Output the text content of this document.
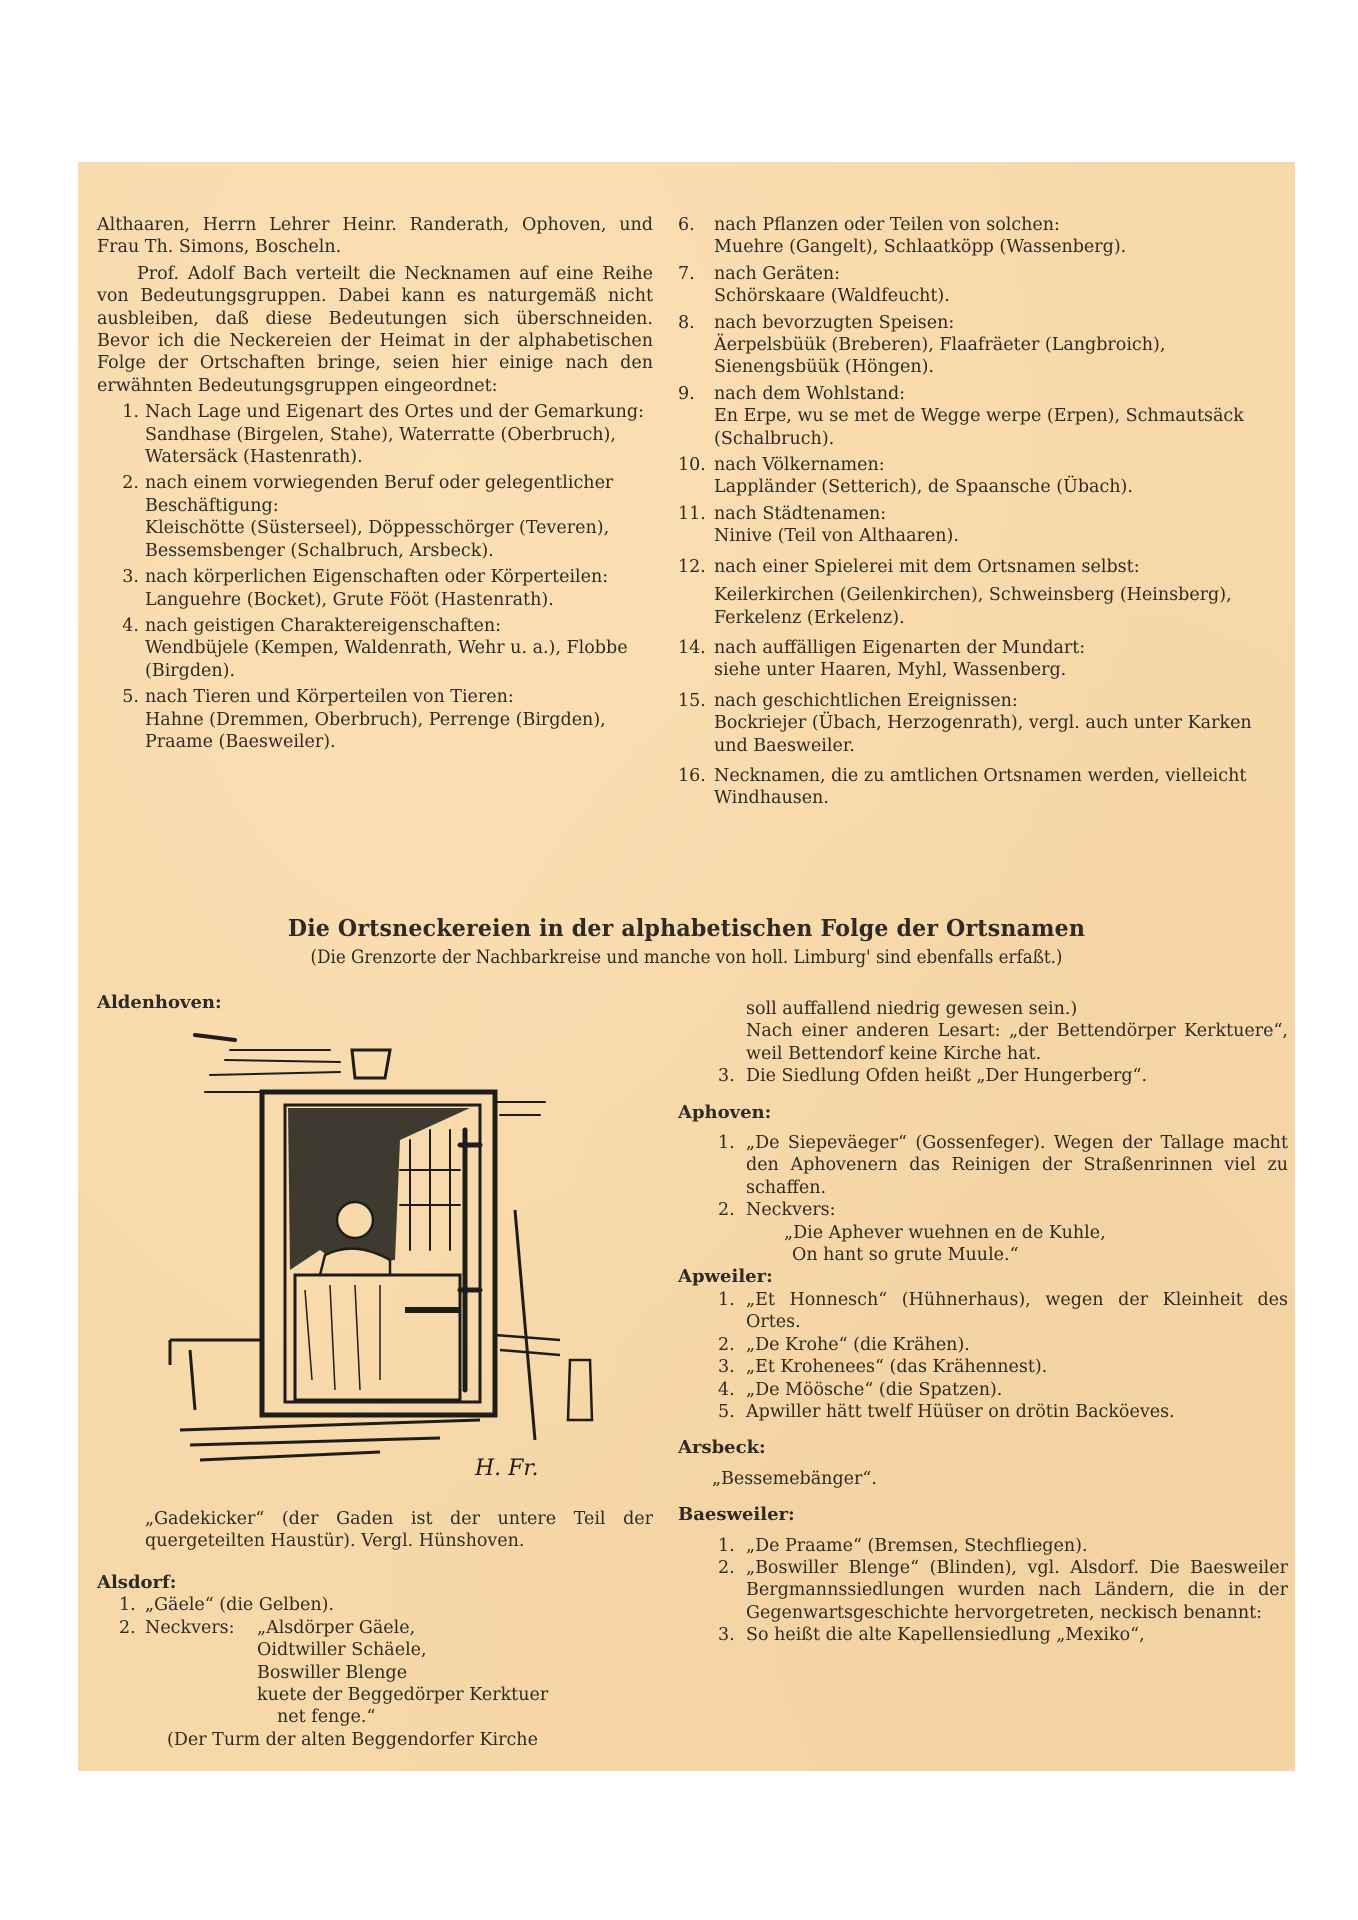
Althaaren, Herrn Lehrer Heinr. Randerath, Ophoven, und Frau Th. Simons, Boscheln.

Prof. Adolf Bach verteilt die Necknamen auf eine Reihe von Bedeutungsgruppen. Dabei kann es naturgemäß nicht ausbleiben, daß diese Bedeutungen sich überschneiden. Bevor ich die Neckereien der Heimat in der alphabetischen Folge der Ortschaften bringe, seien hier einige nach den erwähnten Bedeutungsgruppen eingeordnet:

1. Nach Lage und Eigenart des Ortes und der Gemarkung:
Sandhase (Birgelen, Stahe), Waterratte (Oberbruch), Watersäck (Hastenrath).
2. nach einem vorwiegenden Beruf oder gelegentlicher Beschäftigung:
Kleischötte (Süsterseel), Döppesschörger (Teveren), Bessemsbenger (Schalbruch, Arsbeck).
3. nach körperlichen Eigenschaften oder Körperteilen:
Languehre (Bocket), Grute Fööt (Hastenrath).
4. nach geistigen Charaktereigenschaften:
Wendbüjele (Kempen, Waldenrath, Wehr u. a.), Flobbe (Birgden).
5. nach Tieren und Körperteilen von Tieren:
Hahne (Dremmen, Oberbruch), Perrenge (Birgden), Praame (Baesweiler).
6.	nach Pflanzen oder Teilen von solchen:
Muehre (Gangelt), Schlaatköpp (Wassenberg).
7.	nach Geräten:
Schörskaare (Waldfeucht).
8.	nach bevorzugten Speisen:
Äerpelsbüük (Breberen), Flaafräeter (Langbroich), Sienengsbüük (Höngen).
9.	nach dem Wohlstand:
En Erpe, wu se met de Wegge werpe (Erpen), Schmautsäck (Schalbruch).
10. nach Völkernamen:
Lappländer (Setterich), de Spaansche (Übach).
11. nach Städtenamen:
Ninive (Teil von Althaaren).
12. nach einer Spielerei mit dem Ortsnamen selbst:
Keilerkirchen (Geilenkirchen), Schweinsberg (Heinsberg), Ferkelenz (Erkelenz).
14. nach auffälligen Eigenarten der Mundart:
siehe unter Haaren, Myhl, Wassenberg.
15. nach geschichtlichen Ereignissen:
Bockriejer (Übach, Herzogenrath), vergl. auch unter Karken und Baesweiler.
16. Necknamen, die zu amtlichen Ortsnamen werden, vielleicht Windhausen.
Die Ortsneckereien in der alphabetischen Folge der Ortsnamen
(Die Grenzorte der Nachbarkreise und manche von holl. Limburg' sind ebenfalls erfaßt.)
Aldenhoven:
H. Fr.

„Gadekicker“ (der Gaden ist der untere Teil der quergeteilten Haustür). Vergl. Hünshoven.

Alsdorf:
1. „Gäele“ (die Gelben).
2. Neckvers: „Alsdörper Gäele,
Oidtwiller Schäele,
Boswiller Blenge
kuete der Beggedörper Kerktuer
net fenge.“
(Der Turm der alten Beggendorfer Kirche
soll auffallend niedrig gewesen sein.)

Nach einer anderen Lesart: „der Bettendörper Kerktuere“, weil Bettendorf keine Kirche hat.

3. Die Siedlung Ofden heißt „Der Hungerberg“.
Aphoven:
1. „De Siepeväeger“ (Gossenfeger). Wegen der Tallage macht den Aphovenern das Reinigen der Straßenrinnen viel zu schaffen.

2. Neckvers:
„Die Aphever wuehnen en de Kuhle,
On hant so grute Muule.“
Apweiler:
1. „Et Honnesch“ (Hühnerhaus), wegen der Kleinheit des Ortes.

2. „De Krohe“ (die Krähen).
3. „Et Krohenees“ (das Krähennest).
4. „De Möösche“ (die Spatzen).
5. Apwiller hätt twelf Hüüser on drötin Backöeves.

Arsbeck:
„Bessemebänger“.
Baesweiler:
1. „De Praame“ (Bremsen, Stechfliegen).
2. „Boswiller Blenge“ (Blinden), vgl. Alsdorf. Die Baesweiler Bergmannssiedlungen wurden nach Ländern, die in der Gegenwartsgeschichte hervorgetreten, neckisch benannt:

3. So heißt die alte Kapellensiedlung „Mexiko“,
